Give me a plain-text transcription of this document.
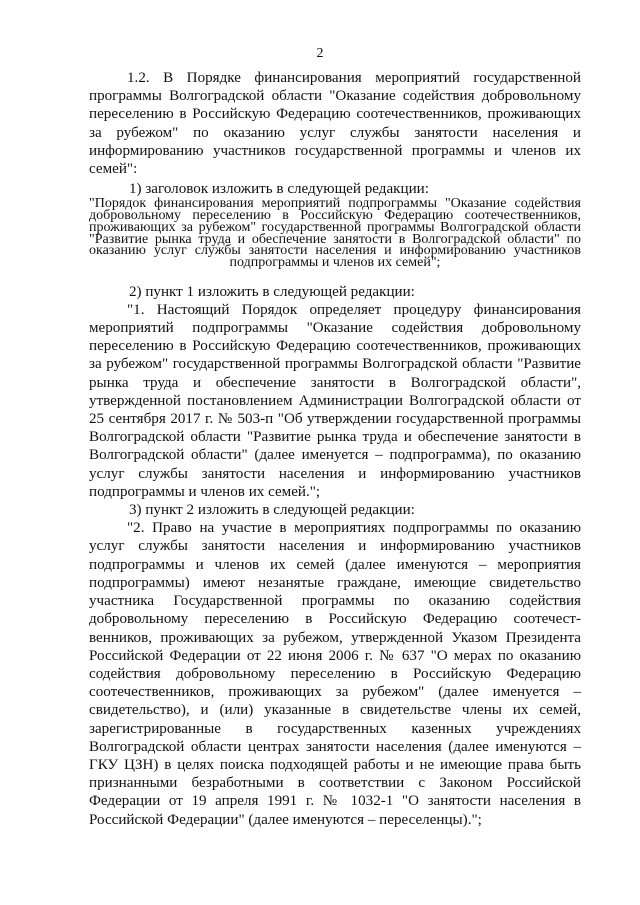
2

1.2. В Порядке финансирования мероприятий государственной программы Волгоградской области "Оказание содействия добровольному переселению в Российскую Федерацию соотечественников, проживающих за рубежом" по оказанию услуг службы занятости населения и информированию участников государственной программы и членов их семей":

1) заголовок изложить в следующей редакции:

"Порядок финансирования мероприятий подпрограммы "Оказание содействия добровольному переселению в Российскую Федерацию соотечественников, проживающих за рубежом" государственной программы Волгоградской области "Развитие рынка труда и обеспечение занятости в Волгоградской области" по оказанию услуг службы занятости населения и информированию участников подпрограммы и членов их семей";

2) пункт 1 изложить в следующей редакции:

"1. Настоящий Порядок определяет процедуру финансирования мероприятий подпрограммы "Оказание содействия добровольному переселению в Российскую Федерацию соотечественников, проживающих за рубежом" государственной программы Волгоградской области "Развитие рынка труда и обеспечение занятости в Волгоградской области", утвержденной постановлением Администрации Волгоградской области от 25 сентября 2017 г. № 503-п "Об утверждении государственной программы Волгоградской области "Развитие рынка труда и обеспечение занятости в Волгоградской области" (далее именуется – подпрограмма), по оказанию услуг службы занятости населения и информированию участников подпрограммы и членов их семей.";

3) пункт 2 изложить в следующей редакции:

"2. Право на участие в мероприятиях подпрограммы по оказанию услуг службы занятости населения и информированию участников подпрограммы и членов их семей (далее именуются – мероприятия подпрограммы) имеют незанятые граждане, имеющие свидетельство участника Государственной программы по оказанию содействия добровольному переселению в Российскую Федерацию соотечест-венников, проживающих за рубежом, утвержденной Указом Президента Российской Федерации от 22 июня 2006 г. № 637 "О мерах по оказанию содействия добровольному переселению в Российскую Федерацию соотечественников, проживающих за рубежом" (далее именуется – свидетельство), и (или) указанные в свидетельстве члены их семей, зарегистрированные в государственных казенных учреждениях Волгоградской области центрах занятости населения (далее именуются – ГКУ ЦЗН) в целях поиска подходящей работы и не имеющие права быть признанными безработными в соответствии с Законом Российской Федерации от 19 апреля 1991 г. № 1032-1 "О занятости населения в Российской Федерации" (далее именуются – переселенцы).";
